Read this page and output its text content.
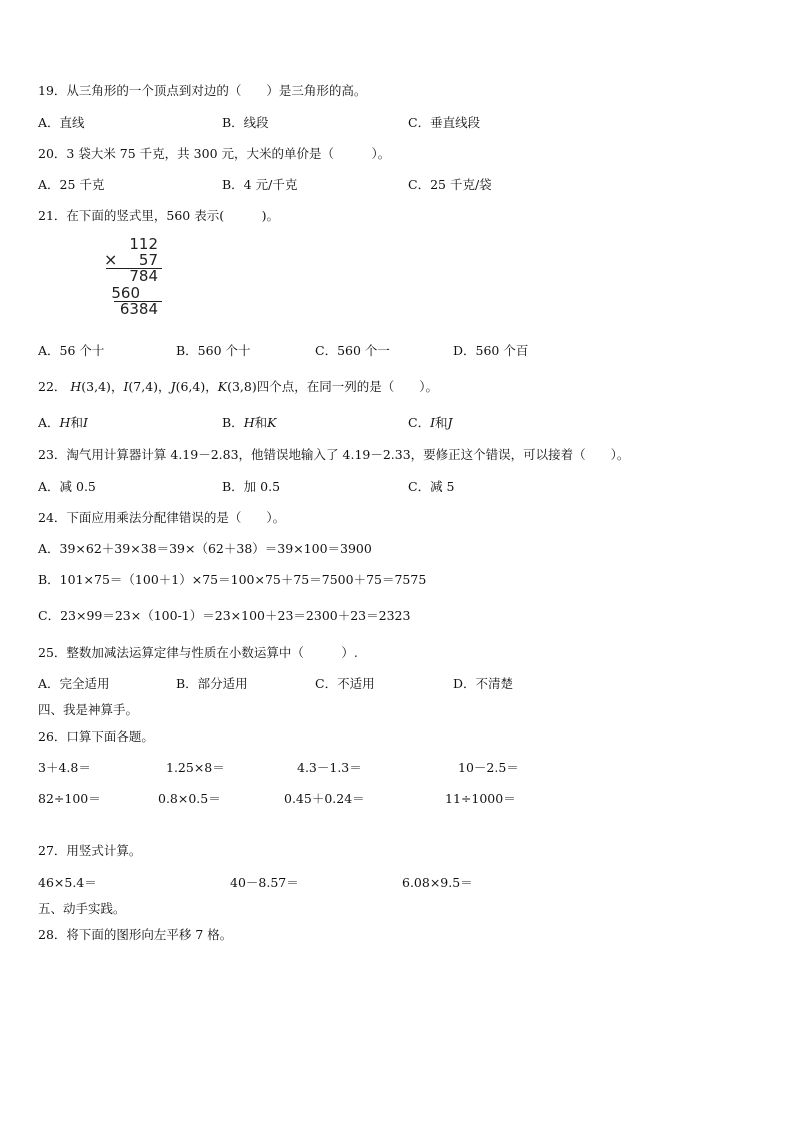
19．从三角形的一个顶点到对边的（　　）是三角形的高。
A．直线	B．线段	C．垂直线段
20．3 袋大米 75 千克，共 300 元，大米的单价是（　　　）。
A．25 千克	B．4 元/千克	C．25 千克/袋
21．在下面的竖式里，560 表示(　　　)。
112
× 57
784
560
6384
A．56 个十	B．560 个十	C．560 个一	D．560 个百
22． H(3,4)，I(7,4)，J(6,4)，K(3,8)四个点，在同一列的是（　　）。
A．H和I	B．H和K	C．I和J
23．淘气用计算器计算 4.19－2.83，他错误地输入了 4.19－2.33，要修正这个错误，可以接着（　　）。
A．减 0.5	B．加 0.5	C．减 5
24．下面应用乘法分配律错误的是（　　）。
A．39×62＋39×38＝39×（62＋38）＝39×100＝3900
B．101×75＝（100＋1）×75＝100×75＋75＝7500＋75＝7575
C．23×99＝23×（100-1）＝23×100＋23＝2300＋23＝2323
25．整数加减法运算定律与性质在小数运算中（　　　）.
A．完全适用	B．部分适用	C．不适用	D．不清楚
四、我是神算手。
26．口算下面各题。
3＋4.8＝	1.25×8＝	4.3－1.3＝	10－2.5＝
82÷100＝	0.8×0.5＝	0.45＋0.24＝	11÷1000＝
27．用竖式计算。
46×5.4＝	40－8.57＝	6.08×9.5＝
五、动手实践。
28．将下面的图形向左平移 7 格。
